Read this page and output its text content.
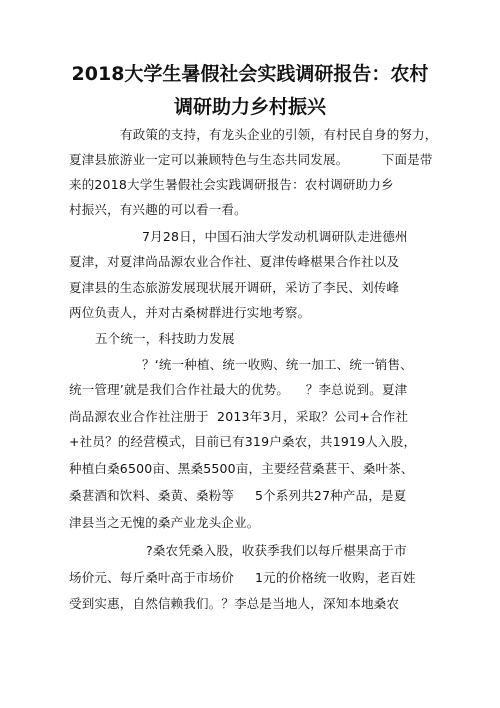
2018大学生暑假社会实践调研报告：农村
调研助力乡村振兴
有政策的支持，有龙头企业的引领，有村民自身的努力，
夏津县旅游业一定可以兼顾特色与生态共同发展。        下面是带
来的2018大学生暑假社会实践调研报告：农村调研助力乡
村振兴，有兴趣的可以看一看。
7月28日，中国石油大学发动机调研队走进德州
夏津，对夏津尚品源农业合作社、夏津传峰椹果合作社以及
夏津县的生态旅游发展现状展开调研，采访了李民、刘传峰
两位负责人，并对古桑树群进行实地考察。
五个统一，科技助力发展
？‘统一种植、统一收购、统一加工、统一销售、
统一管理’就是我们合作社最大的优势。    ？李总说到。夏津
尚品源农业合作社注册于  2013年3月，采取？公司+合作社
+社员？的经营模式，目前已有319户桑农，共1919人入股，
种植白桑6500亩、黑桑5500亩，主要经营桑葚干、桑叶茶、
桑葚酒和饮料、桑黄、桑粉等     5个系列共27种产品，是夏
津县当之无愧的桑产业龙头企业。
?桑农凭桑入股，收获季我们以每斤椹果高于市
场价元、每斤桑叶高于市场价     1元的价格统一收购，老百姓
受到实惠，自然信赖我们。？李总是当地人，深知本地桑农
